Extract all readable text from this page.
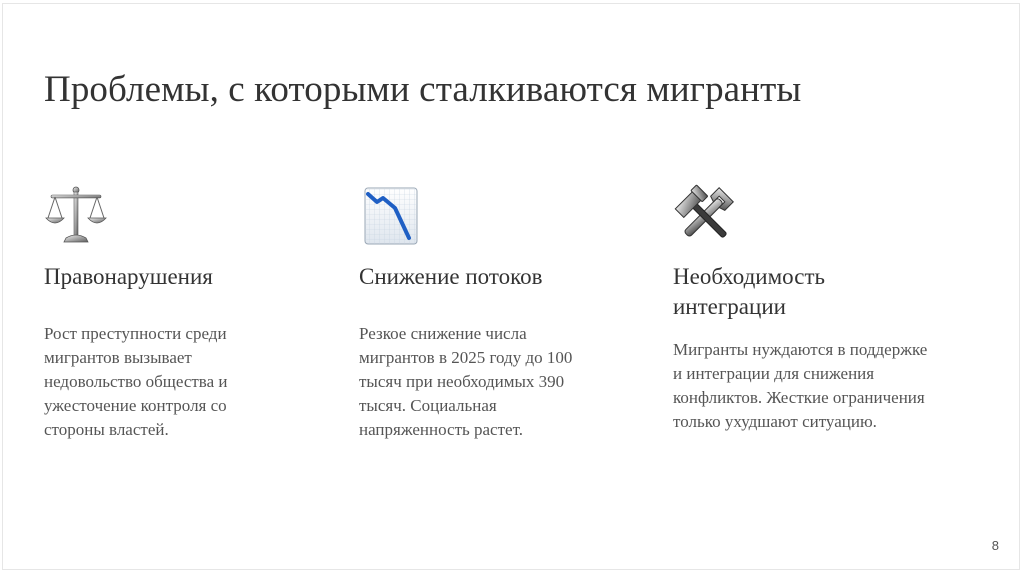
Проблемы, с которыми сталкиваются мигранты
Правонарушения

Рост преступности среди мигрантов вызывает недовольство общества и ужесточение контроля со стороны властей.

Снижение потоков

Резкое снижение числа мигрантов в 2025 году до 100 тысяч при необходимых 390 тысяч. Социальная напряженность растет.

Необходимость интеграции

Мигранты нуждаются в поддержке и интеграции для снижения конфликтов. Жесткие ограничения только ухудшают ситуацию.

8
